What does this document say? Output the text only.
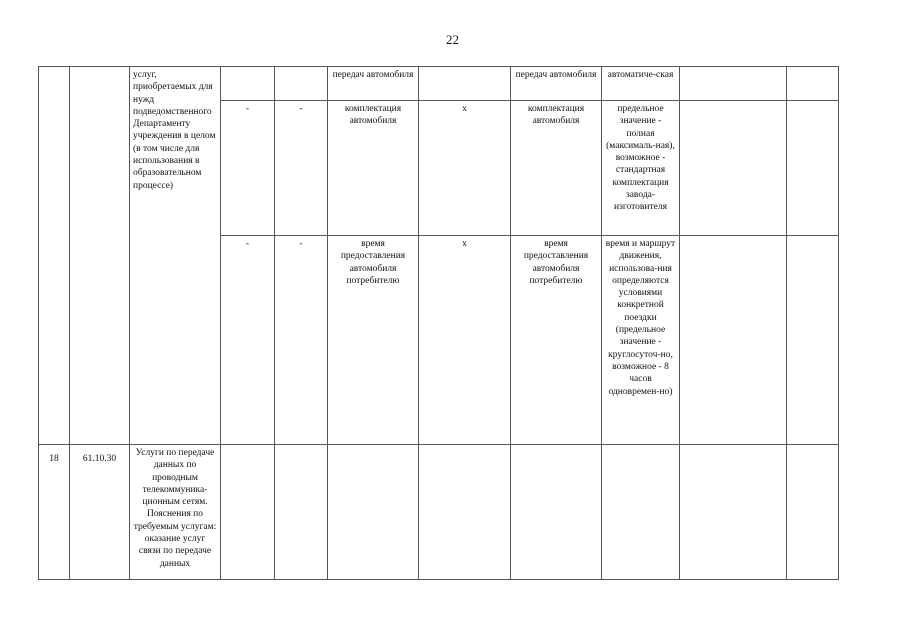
22
		услуг, приобретаемых для нужд подведомственного Департаменту учреждения в целом (в том числе для использования в образовательном процессе)			передач автомобиля		передач автомобиля	автоматиче-ская		
			-	-	комплектация автомобиля	х	комплектация автомобиля	предельное значение - полная (максималь-ная), возможное - стандартная комплектация завода-изготовителя		
			-	-	время предоставления автомобиля потребителю	х	время предоставления автомобиля потребителю	время и маршрут движения, использова-ния определяются условиями конкретной поездки (предельное значение - круглосуточ-но, возможное - 8 часов одновремен-но)		
18	61.10.30	Услуги по передаче данных по проводным телекоммуника-ционным сетям. Пояснения по требуемым услугам: оказание услуг связи по передаче данных								
